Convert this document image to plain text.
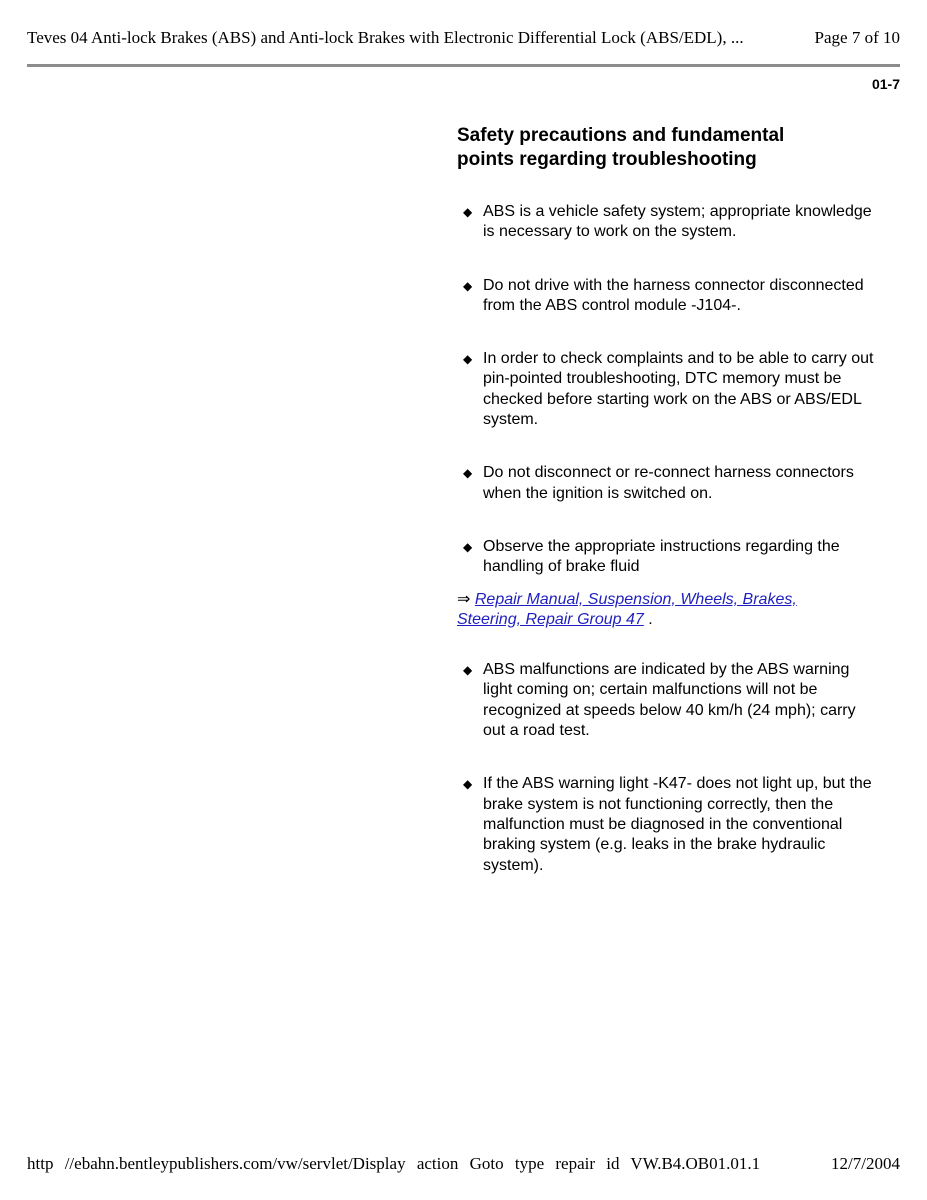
Teves 04 Anti-lock Brakes (ABS) and Anti-lock Brakes with Electronic Differential Lock (ABS/EDL), ...	Page 7 of 10
01-7
Safety precautions and fundamental points regarding troubleshooting
◆ ABS is a vehicle safety system; appropriate knowledge is necessary to work on the system.
◆ Do not drive with the harness connector disconnected from the ABS control module -J104-.
◆ In order to check complaints and to be able to carry out pin-pointed troubleshooting, DTC memory must be checked before starting work on the ABS or ABS/EDL system.
◆ Do not disconnect or re-connect harness connectors when the ignition is switched on.
◆ Observe the appropriate instructions regarding the handling of brake fluid
⇒ Repair Manual, Suspension, Wheels, Brakes, Steering, Repair Group 47 .
◆ ABS malfunctions are indicated by the ABS warning light coming on; certain malfunctions will not be recognized at speeds below 40 km/h (24 mph); carry out a road test.
◆ If the ABS warning light -K47- does not light up, but the brake system is not functioning correctly, then the malfunction must be diagnosed in the conventional braking system (e.g. leaks in the brake hydraulic system).
http //ebahn.bentleypublishers.com/vw/servlet/Display action Goto type repair id VW.B4.OB01.01.1	12/7/2004
